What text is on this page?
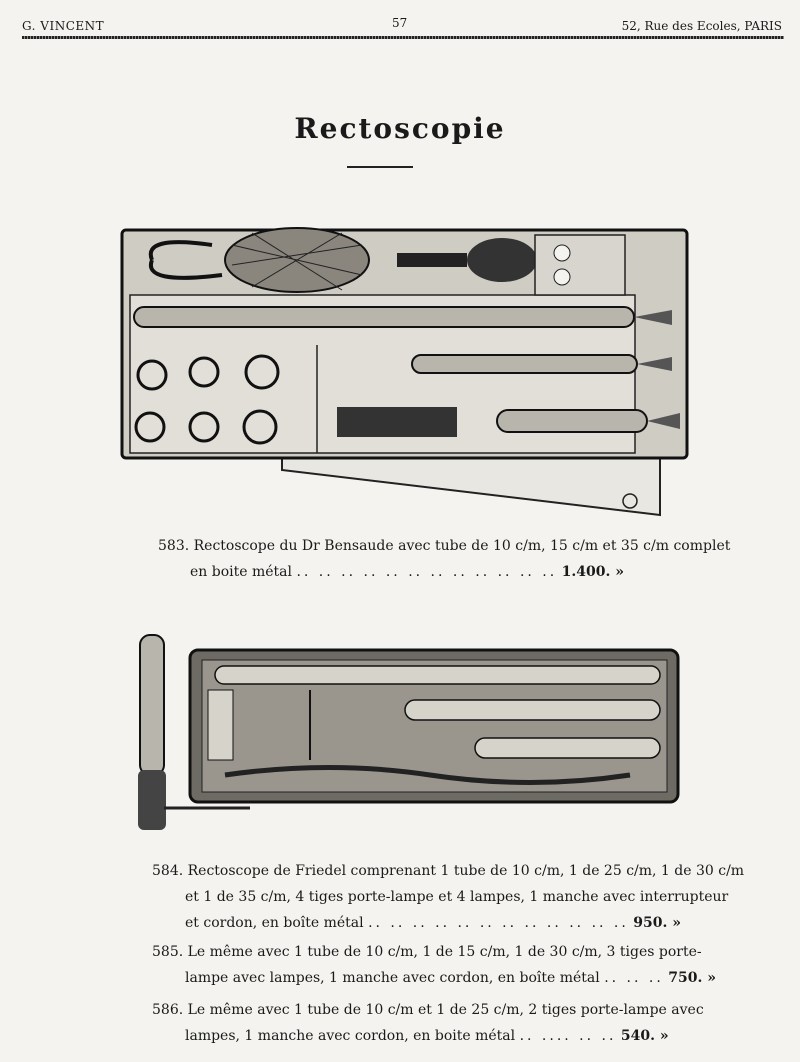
G. VINCENT	57	52, Rue des Ecoles, PARIS
Rectoscopie

583. Rectoscope du Dr Bensaude avec tube de 10 c/m, 15 c/m et 35 c/m complet

en boite métal .. .. .. .. .. .. .. .. .. .. .. .. 1.400. »

584. Rectoscope de Friedel comprenant 1 tube de 10 c/m, 1 de 25 c/m, 1 de 30 c/m

et 1 de 35 c/m, 4 tiges porte-lampe et 4 lampes, 1 manche avec interrupteur

et cordon, en boîte métal .. .. .. .. .. .. .. .. .. .. .. .. 950. »

585. Le même avec 1 tube de 10 c/m, 1 de 15 c/m, 1 de 30 c/m, 3 tiges porte-

lampe avec lampes, 1 manche avec cordon, en boîte métal .. .. .. 750. »

586. Le même avec 1 tube de 10 c/m et 1 de 25 c/m, 2 tiges porte-lampe avec

lampes, 1 manche avec cordon, en boite métal .. .... .. .. 540. »
